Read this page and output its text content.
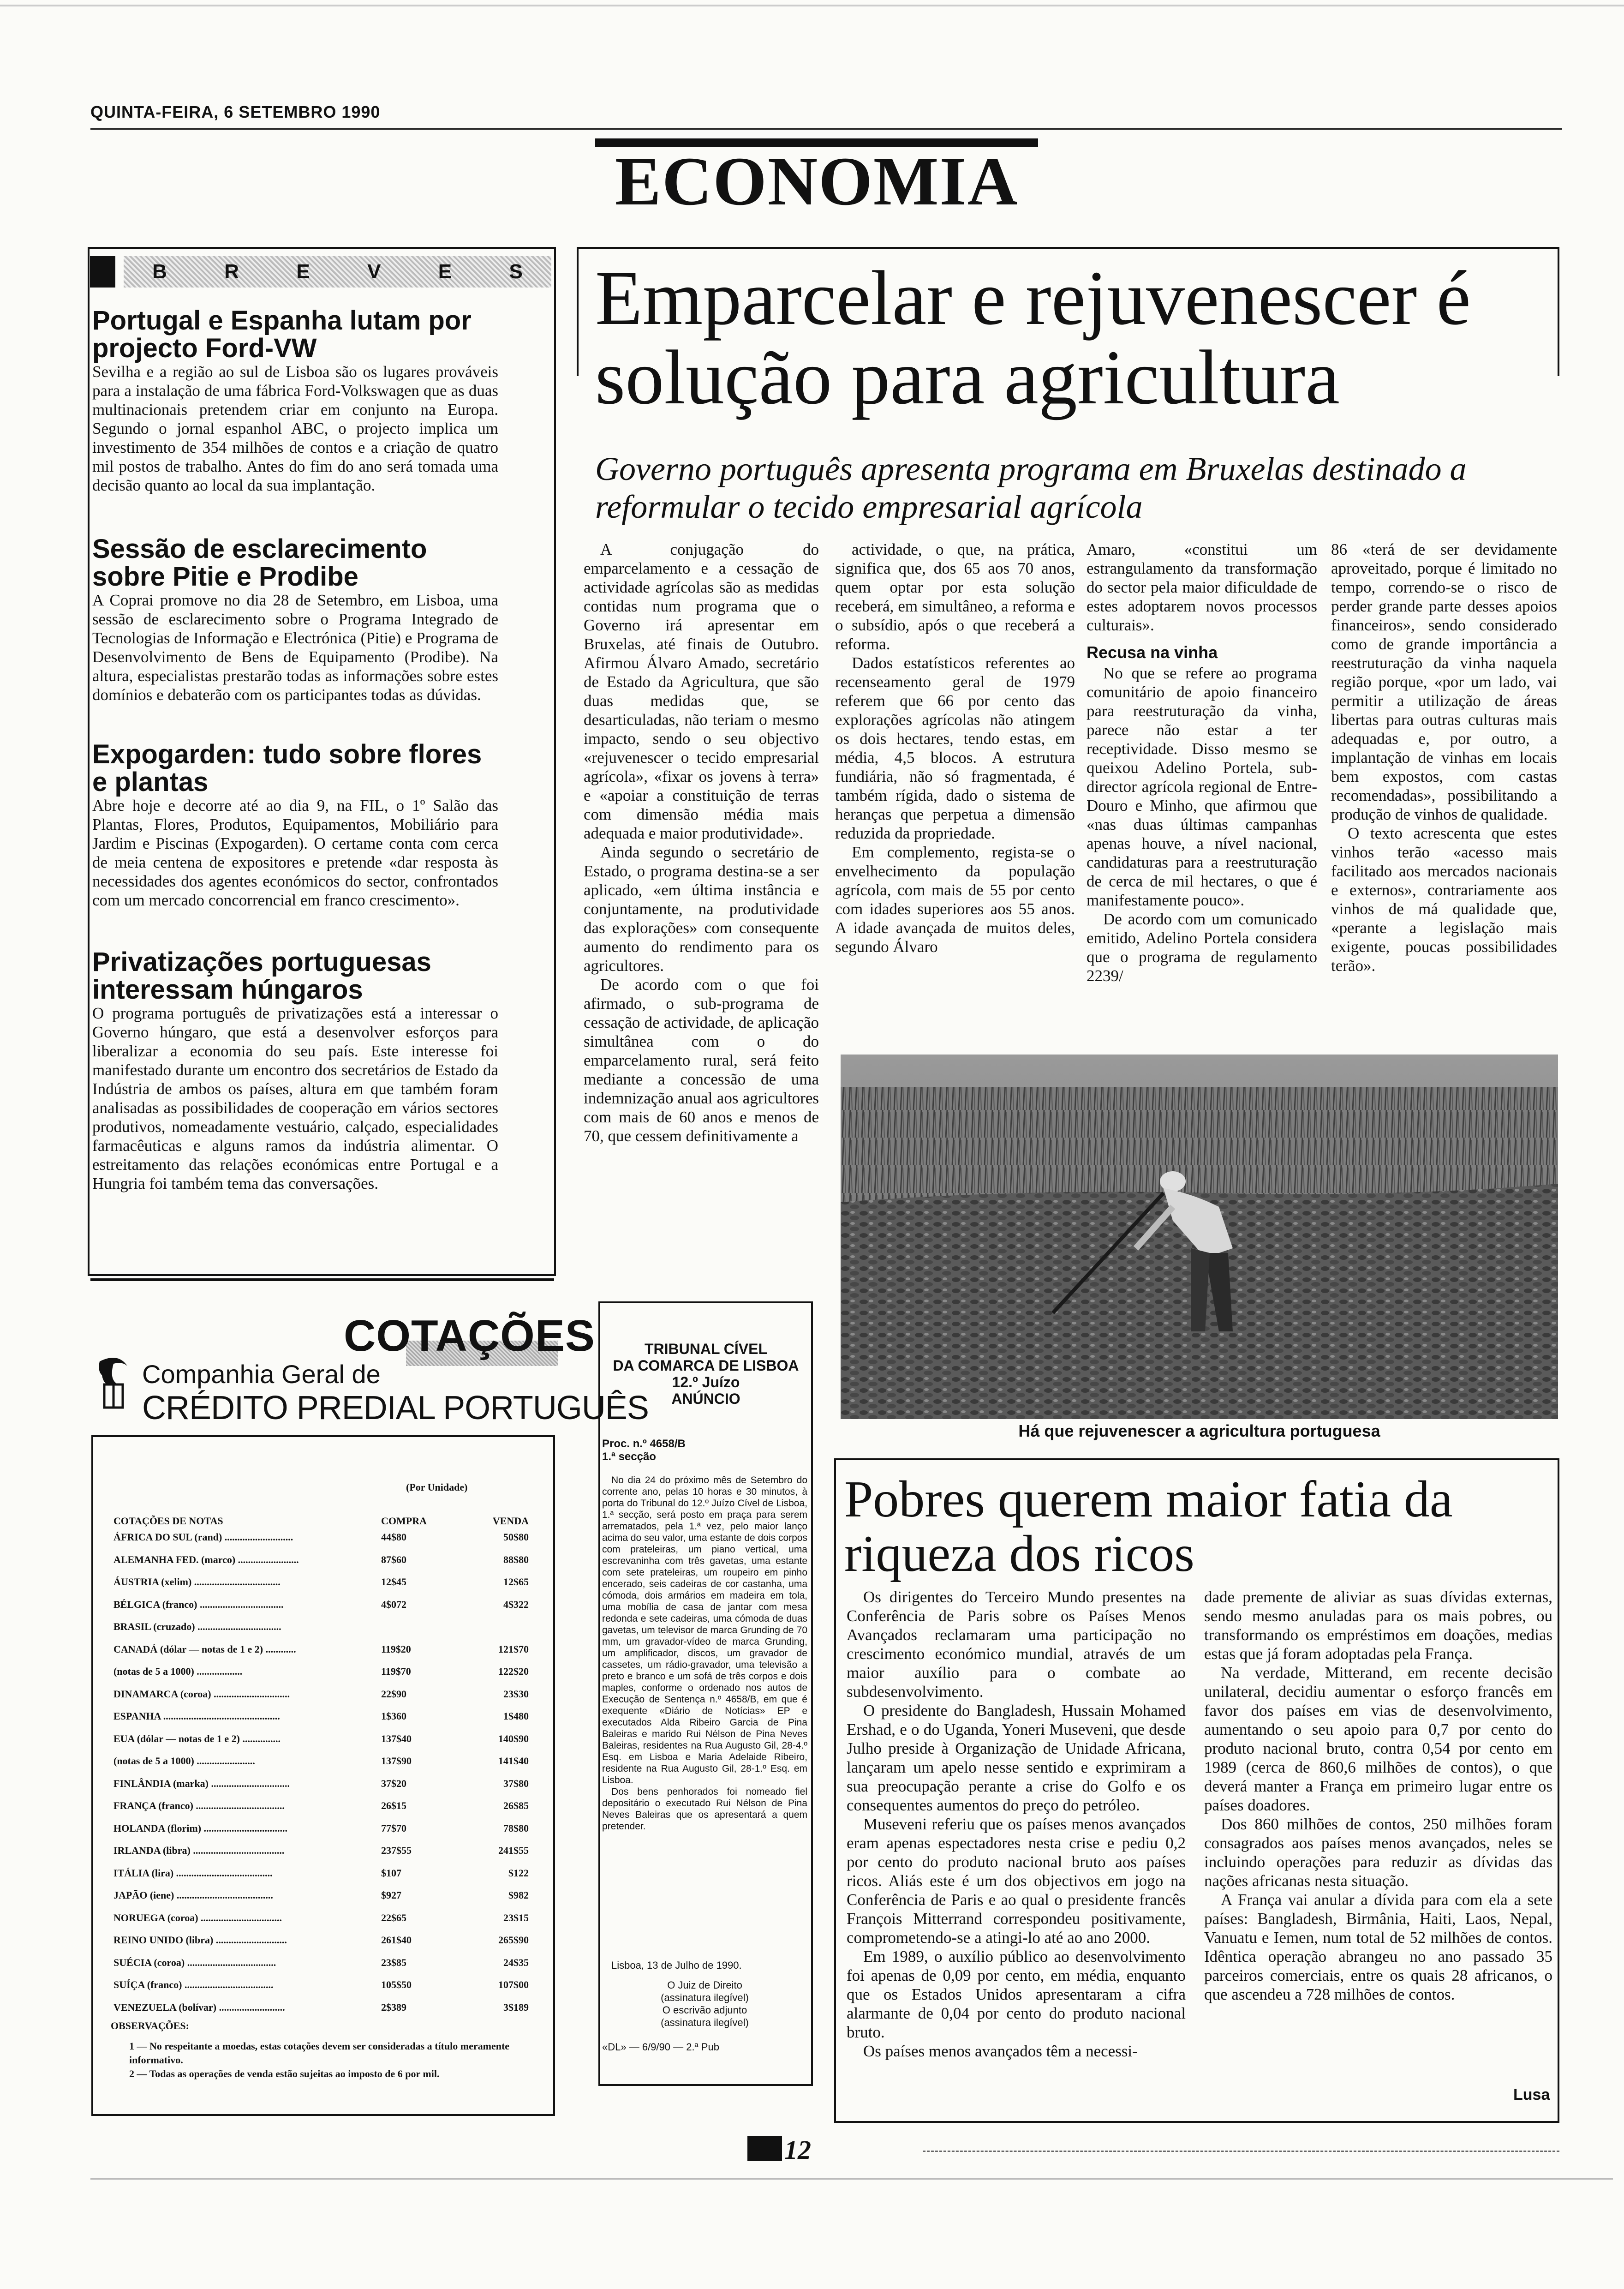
QUINTA-FEIRA, 6 SETEMBRO 1990
ECONOMIA
B	R	E	V	E	S
Portugal e Espanha lutam por projecto Ford-VW
Sevilha e a região ao sul de Lisboa são os lugares prováveis para a instalação de uma fábrica Ford-Volkswagen que as duas multinacionais pretendem criar em conjunto na Europa. Segundo o jornal espanhol ABC, o projecto implica um investimento de 354 milhões de contos e a criação de quatro mil postos de trabalho. Antes do fim do ano será tomada uma decisão quanto ao local da sua implantação.
Sessão de esclarecimento sobre Pitie e Prodibe
A Coprai promove no dia 28 de Setembro, em Lisboa, uma sessão de esclarecimento sobre o Programa Integrado de Tecnologias de Informação e Electrónica (Pitie) e Programa de Desenvolvimento de Bens de Equipamento (Prodibe). Na altura, especialistas prestarão todas as informações sobre estes domínios e debaterão com os participantes todas as dúvidas.
Expogarden: tudo sobre flores e plantas
Abre hoje e decorre até ao dia 9, na FIL, o 1º Salão das Plantas, Flores, Produtos, Equipamentos, Mobiliário para Jardim e Piscinas (Expogarden). O certame conta com cerca de meia centena de expositores e pretende «dar resposta às necessidades dos agentes económicos do sector, confrontados com um mercado concorrencial em franco crescimento».
Privatizações portuguesas interessam húngaros
O programa português de privatizações está a interessar o Governo húngaro, que está a desenvolver esforços para liberalizar a economia do seu país. Este interesse foi manifestado durante um encontro dos secretários de Estado da Indústria de ambos os países, altura em que também foram analisadas as possibilidades de cooperação em vários sectores produtivos, nomeadamente vestuário, calçado, especialidades farmacêuticas e alguns ramos da indústria alimentar. O estreitamento das relações económicas entre Portugal e a Hungria foi também tema das conversações.
Emparcelar e rejuvenescer é solução para agricultura
Governo português apresenta programa em Bruxelas destinado a reformular o tecido empresarial agrícola

A conjugação do emparcelamento e a cessação de actividade agrícolas são as medidas contidas num programa que o Governo irá apresentar em Bruxelas, até finais de Outubro. Afirmou Álvaro Amado, secretário de Estado da Agricultura, que são duas medidas que, se desarticuladas, não teriam o mesmo impacto, sendo o seu objectivo «rejuvenescer o tecido empresarial agrícola», «fixar os jovens à terra» e «apoiar a constituição de terras com dimensão média mais adequada e maior produtividade».

Ainda segundo o secretário de Estado, o programa destina-se a ser aplicado, «em última instância e conjuntamente, na produtividade das explorações» com consequente aumento do rendimento para os agricultores.

De acordo com o que foi afirmado, o sub-programa de cessação de actividade, de aplicação simultânea com o do emparcelamento rural, será feito mediante a concessão de uma indemnização anual aos agricultores com mais de 60 anos e menos de 70, que cessem definitivamente a

actividade, o que, na prática, significa que, dos 65 aos 70 anos, quem optar por esta solução receberá, em simultâneo, a reforma e o subsídio, após o que receberá a reforma.

Dados estatísticos referentes ao recenseamento geral de 1979 referem que 66 por cento das explorações agrícolas não atingem os dois hectares, tendo estas, em média, 4,5 blocos. A estrutura fundiária, não só fragmentada, é também rígida, dado o sistema de heranças que perpetua a dimensão reduzida da propriedade.

Em complemento, regista-se o envelhecimento da população agrícola, com mais de 55 por cento com idades superiores aos 55 anos. A idade avançada de muitos deles, segundo Álvaro

Amaro, «constitui um estrangulamento da transformação do sector pela maior dificuldade de estes adoptarem novos processos culturais».

Recusa na vinha

No que se refere ao programa comunitário de apoio financeiro para reestruturação da vinha, parece não estar a ter receptividade. Disso mesmo se queixou Adelino Portela, sub-director agrícola regional de Entre-Douro e Minho, que afirmou que «nas duas últimas campanhas apenas houve, a nível nacional, candidaturas para a reestruturação de cerca de mil hectares, o que é manifestamente pouco».

De acordo com um comunicado emitido, Adelino Portela considera que o programa de regulamento 2239/

86 «terá de ser devidamente aproveitado, porque é limitado no tempo, correndo-se o risco de perder grande parte desses apoios financeiros», sendo considerado como de grande importância a reestruturação da vinha naquela região porque, «por um lado, vai permitir a utilização de áreas libertas para outras culturas mais adequadas e, por outro, a implantação de vinhas em locais bem expostos, com castas recomendadas», possibilitando a produção de vinhos de qualidade.

O texto acrescenta que estes vinhos terão «acesso mais facilitado aos mercados nacionais e externos», contrariamente aos vinhos de má qualidade que, «perante a legislação mais exigente, poucas possibilidades terão».

Há que rejuvenescer a agricultura portuguesa
Pobres querem maior fatia da riqueza dos ricos

Os dirigentes do Terceiro Mundo presentes na Conferência de Paris sobre os Países Menos Avançados reclamaram uma participação no crescimento económico mundial, através de um maior auxílio para o combate ao subdesenvolvimento.

O presidente do Bangladesh, Hussain Mohamed Ershad, e o do Uganda, Yoneri Museveni, que desde Julho preside à Organização de Unidade Africana, lançaram um apelo nesse sentido e exprimiram a sua preocupação perante a crise do Golfo e os consequentes aumentos do preço do petróleo.

Museveni referiu que os países menos avançados eram apenas espectadores nesta crise e pediu 0,2 por cento do produto nacional bruto aos países ricos. Aliás este é um dos objectivos em jogo na Conferência de Paris e ao qual o presidente francês François Mitterrand correspondeu positivamente, comprometendo-se a atingi-lo até ao ano 2000.

Em 1989, o auxílio público ao desenvolvimento foi apenas de 0,09 por cento, em média, enquanto que os Estados Unidos apresentaram a cifra alarmante de 0,04 por cento do produto nacional bruto.

Os países menos avançados têm a necessi-

dade premente de aliviar as suas dívidas externas, sendo mesmo anuladas para os mais pobres, ou transformando os empréstimos em doações, medias estas que já foram adoptadas pela França.

Na verdade, Mitterand, em recente decisão unilateral, decidiu aumentar o esforço francês em favor dos países em vias de desenvolvimento, aumentando o seu apoio para 0,7 por cento do produto nacional bruto, contra 0,54 por cento em 1989 (cerca de 860,6 milhões de contos), o que deverá manter a França em primeiro lugar entre os países doadores.

Dos 860 milhões de contos, 250 milhões foram consagrados aos países menos avançados, neles se incluindo operações para reduzir as dívidas das nações africanas nesta situação.

A França vai anular a dívida para com ela a sete países: Bangladesh, Birmânia, Haiti, Laos, Nepal, Vanuatu e Iemen, num total de 52 milhões de contos. Idêntica operação abrangeu no ano passado 35 parceiros comerciais, entre os quais 28 africanos, o que ascendeu a 728 milhões de contos.

Lusa
COTAÇÕES
Companhia Geral de
CRÉDITO PREDIAL PORTUGUÊS
(Por Unidade)
COTAÇÕES DE NOTAS	COMPRA	VENDA
ÁFRICA DO SUL (rand) ...........................	44$80	50$80
ALEMANHA FED. (marco) ........................	87$60	88$80
ÁUSTRIA (xelim) ..................................	12$45	12$65
BÉLGICA (franco) .................................	4$072	4$322
BRASIL (cruzado) .................................
CANADÁ (dólar — notas de 1 e 2) ............	119$20	121$70
(notas de 5 a 1000) ..................	119$70	122$20
DINAMARCA (coroa) ..............................	22$90	23$30
ESPANHA ..............................................	1$360	1$480
EUA (dólar — notas de 1 e 2) ...............	137$40	140$90
(notas de 5 a 1000) .......................	137$90	141$40
FINLÂNDIA (marka) ...............................	37$20	37$80
FRANÇA (franco) ...................................	26$15	26$85
HOLANDA (florim) .................................	77$70	78$80
IRLANDA (libra) ....................................	237$55	241$55
ITÁLIA (lira) ......................................	$107	$122
JAPÃO (iene) ......................................	$927	$982
NORUEGA (coroa) ................................	22$65	23$15
REINO UNIDO (libra) ............................	261$40	265$90
SUÉCIA (coroa) ...................................	23$85	24$35
SUÍÇA (franco) ...................................	105$50	107$00
VENEZUELA (bolívar) ..........................	2$389	3$189
OBSERVAÇÕES:
1 — No respeitante a moedas, estas cotações devem ser consideradas a título meramente informativo.
2 — Todas as operações de venda estão sujeitas ao imposto de 6 por mil.
TRIBUNAL CÍVEL
DA COMARCA DE LISBOA
12.º Juízo
ANÚNCIO
Proc. n.º 4658/B
1.ª secção

No dia 24 do próximo mês de Setembro do corrente ano, pelas 10 horas e 30 minutos, à porta do Tribunal do 12.º Juízo Cível de Lisboa, 1.ª secção, será posto em praça para serem arrematados, pela 1.ª vez, pelo maior lanço acima do seu valor, uma estante de dois corpos com prateleiras, um piano vertical, uma escrevaninha com três gavetas, uma estante com sete prateleiras, um roupeiro em pinho encerado, seis cadeiras de cor castanha, uma cómoda, dois armários em madeira em tola, uma mobília de casa de jantar com mesa redonda e sete cadeiras, uma cómoda de duas gavetas, um televisor de marca Grunding de 70 mm, um gravador-vídeo de marca Grunding, um amplificador, discos, um gravador de cassetes, um rádio-gravador, uma televisão a preto e branco e um sofá de três corpos e dois maples, conforme o ordenado nos autos de Execução de Sentença n.º 4658/B, em que é exequente «Diário de Notícias» EP e executados Alda Ribeiro Garcia de Pina Baleiras e marido Rui Nélson de Pina Neves Baleiras, residentes na Rua Augusto Gil, 28-4.º Esq. em Lisboa e Maria Adelaide Ribeiro, residente na Rua Augusto Gil, 28-1.º Esq. em Lisboa.

Dos bens penhorados foi nomeado fiel depositário o executado Rui Nélson de Pina Neves Baleiras que os apresentará a quem pretender.

Lisboa, 13 de Julho de 1990.
O Juiz de Direito
(assinatura ilegível)
O escrivão adjunto
(assinatura ilegível)
«DL» — 6/9/90 — 2.ª Pub
12
